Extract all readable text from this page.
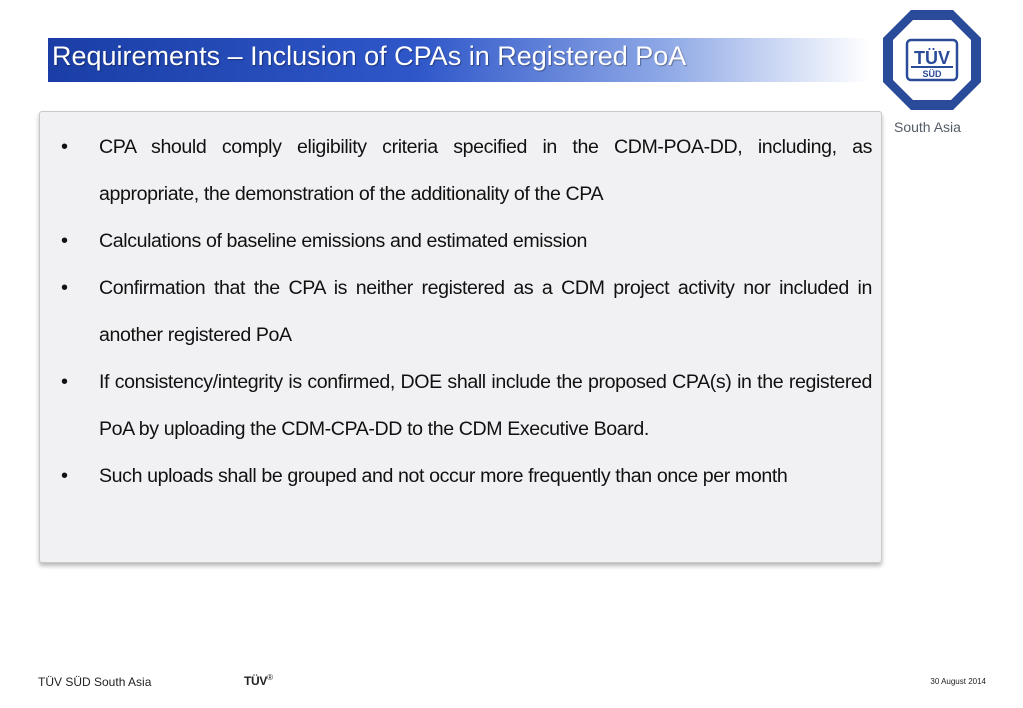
Requirements – Inclusion of CPAs in Registered PoA	TÜV
SÜD
South Asia
• CPA should comply eligibility criteria specified in the CDM-POA-DD, including, as appropriate, the demonstration of the additionality of the CPA
• Calculations of baseline emissions and estimated emission
• Confirmation that the CPA is neither registered as a CDM project activity nor included in another registered PoA
• If consistency/integrity is confirmed, DOE shall include the proposed CPA(s) in the registered PoA by uploading the CDM-CPA-DD to the CDM Executive Board.
• Such uploads shall be grouped and not occur more frequently than once per month
TÜV SÜD South Asia	TÜV®	30 August 2014
